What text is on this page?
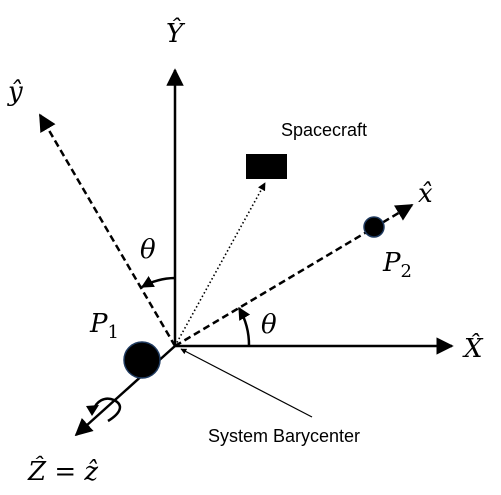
Ŷ
X̂
ŷ
x̂
Ẑ = ẑ
θ
θ
$P_1$
$P_2$
Spacecraft
System Barycenter
